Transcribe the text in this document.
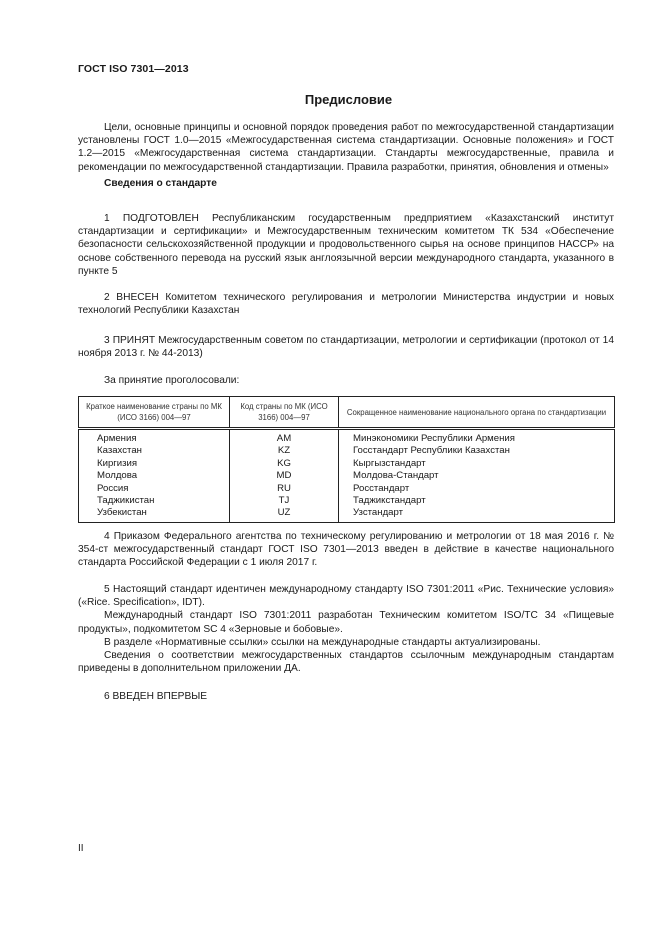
ГОСТ ISO 7301—2013
Предисловие

Цели, основные принципы и основной порядок проведения работ по межгосударственной стандартизации установлены ГОСТ 1.0—2015 «Межгосударственная система стандартизации. Основные положения» и ГОСТ 1.2—2015 «Межгосударственная система стандартизации. Стандарты межгосударственные, правила и рекомендации по межгосударственной стандартизации. Правила разработки, принятия, обновления и отмены»

Сведения о стандарте

1 ПОДГОТОВЛЕН Республиканским государственным предприятием «Казахстанский институт стандартизации и сертификации» и Межгосударственным техническим комитетом ТК 534 «Обеспечение безопасности сельскохозяйственной продукции и продовольственного сырья на основе принципов НАССР» на основе собственного перевода на русский язык англоязычной версии международного стандарта, указанного в пункте 5

2 ВНЕСЕН Комитетом технического регулирования и метрологии Министерства индустрии и новых технологий Республики Казахстан

3 ПРИНЯТ Межгосударственным советом по стандартизации, метрологии и сертификации (протокол от 14 ноября 2013 г. № 44-2013)

За принятие проголосовали:

Краткое наименование страны по МК (ИСО 3166) 004—97	Код страны по МК (ИСО 3166) 004—97	Сокращенное наименование национального органа по стандартизации
Армения	AM	Минэкономики Республики Армения
Казахстан	KZ	Госстандарт Республики Казахстан
Киргизия	KG	Кыргызстандарт
Молдова	MD	Молдова-Стандарт
Россия	RU	Росстандарт
Таджикистан	TJ	Таджикстандарт
Узбекистан	UZ	Узстандарт

4 Приказом Федерального агентства по техническому регулированию и метрологии от 18 мая 2016 г. № 354-ст межгосударственный стандарт ГОСТ ISO 7301—2013 введен в действие в качестве национального стандарта Российской Федерации с 1 июля 2017 г.

5 Настоящий стандарт идентичен международному стандарту ISO 7301:2011 «Рис. Технические условия» («Rice. Specification», IDT).

Международный стандарт ISO 7301:2011 разработан Техническим комитетом ISO/TC 34 «Пищевые продукты», подкомитетом SC 4 «Зерновые и бобовые».

В разделе «Нормативные ссылки» ссылки на международные стандарты актуализированы.

Сведения о соответствии межгосударственных стандартов ссылочным международным стандартам приведены в дополнительном приложении ДА.

6 ВВЕДЕН ВПЕРВЫЕ

II
